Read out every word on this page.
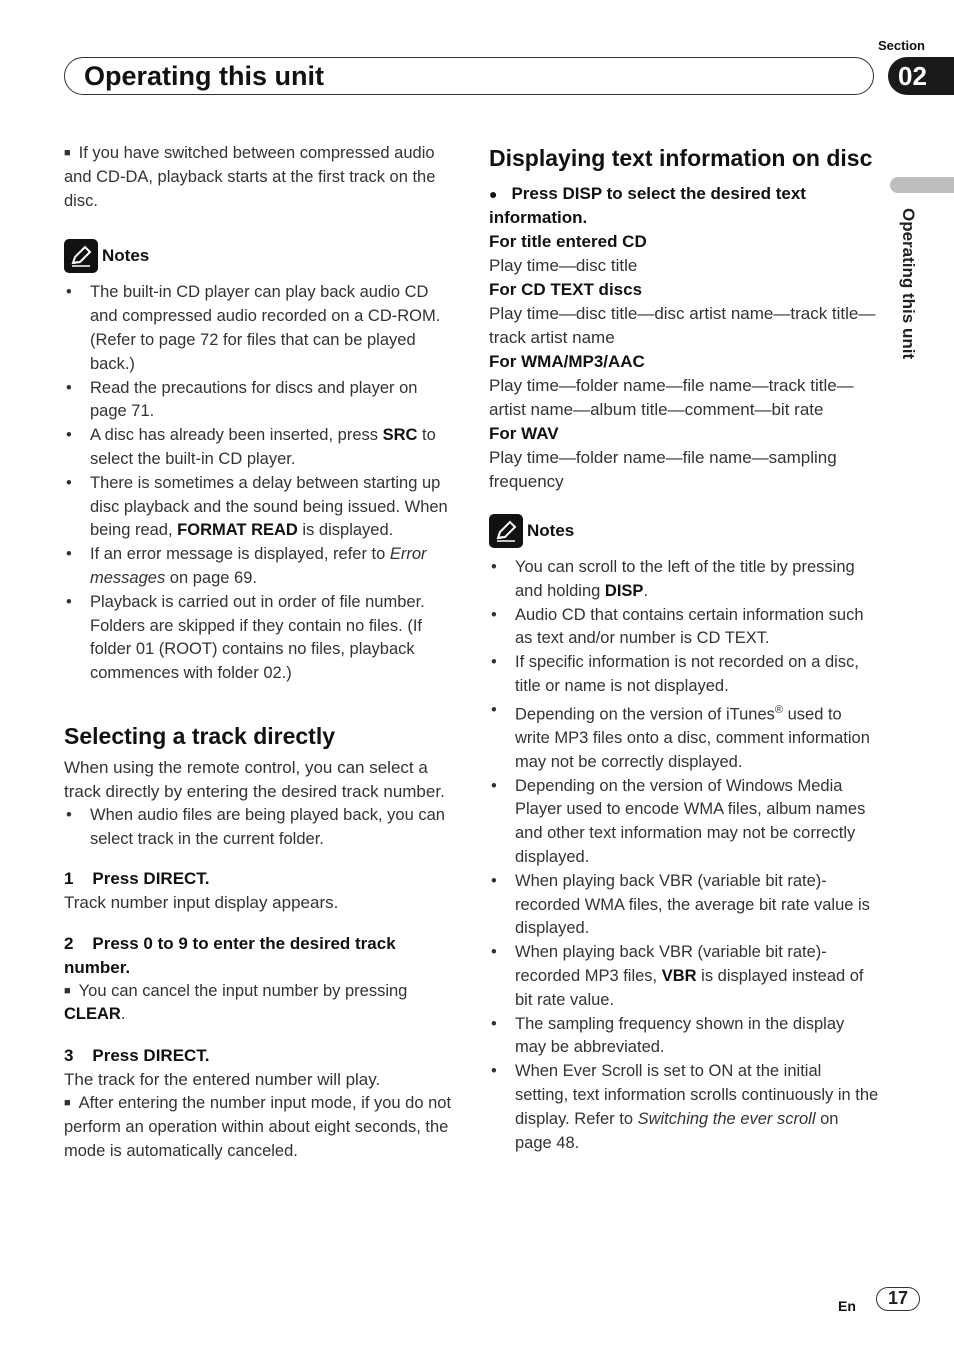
Section
Operating this unit	02
Operating this unit

■ If you have switched between compressed audio and CD-DA, playback starts at the first track on the disc.

Notes
• The built-in CD player can play back audio CD and compressed audio recorded on a CD-ROM. (Refer to page 72 for files that can be played back.)
• Read the precautions for discs and player on page 71.
• A disc has already been inserted, press SRC to select the built-in CD player.
• There is sometimes a delay between starting up disc playback and the sound being issued. When being read, FORMAT READ is displayed.
• If an error message is displayed, refer to Error messages on page 69.
• Playback is carried out in order of file number. Folders are skipped if they contain no files. (If folder 01 (ROOT) contains no files, playback commences with folder 02.)
Selecting a track directly

When using the remote control, you can select a track directly by entering the desired track number.

• When audio files are being played back, you can select track in the current folder.

1 Press DIRECT.

Track number input display appears.

2 Press 0 to 9 to enter the desired track number.

■ You can cancel the input number by pressing CLEAR.

3 Press DIRECT.

The track for the entered number will play.

■ After entering the number input mode, if you do not perform an operation within about eight seconds, the mode is automatically canceled.

Displaying text information on disc

● Press DISP to select the desired text information.

For title entered CD

Play time—disc title

For CD TEXT discs

Play time—disc title—disc artist name—track title—track artist name

For WMA/MP3/AAC

Play time—folder name—file name—track title—artist name—album title—comment—bit rate

For WAV

Play time—folder name—file name—sampling frequency

Notes
• You can scroll to the left of the title by pressing and holding DISP.
• Audio CD that contains certain information such as text and/or number is CD TEXT.
• If specific information is not recorded on a disc, title or name is not displayed.
• Depending on the version of iTunes® used to write MP3 files onto a disc, comment information may not be correctly displayed.
• Depending on the version of Windows Media Player used to encode WMA files, album names and other text information may not be correctly displayed.
• When playing back VBR (variable bit rate)-recorded WMA files, the average bit rate value is displayed.
• When playing back VBR (variable bit rate)-recorded MP3 files, VBR is displayed instead of bit rate value.
• The sampling frequency shown in the display may be abbreviated.
• When Ever Scroll is set to ON at the initial setting, text information scrolls continuously in the display. Refer to Switching the ever scroll on page 48.
En	17
